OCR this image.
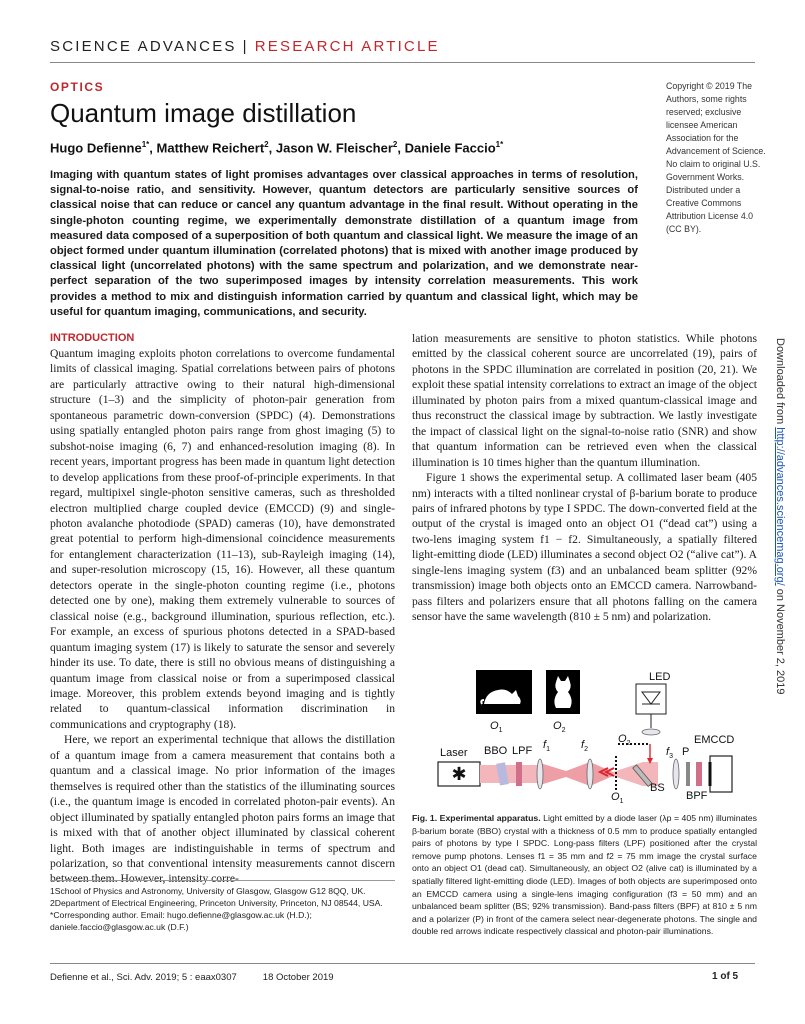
SCIENCE ADVANCES | RESEARCH ARTICLE
OPTICS
Quantum image distillation
Hugo Defienne$^{1*}$, Matthew Reichert$^2$, Jason W. Fleischer$^2$, Daniele Faccio$^{1*}$
Copyright © 2019 The Authors, some rights reserved; exclusive licensee American Association for the Advancement of Science. No claim to original U.S. Government Works. Distributed under a Creative Commons Attribution License 4.0 (CC BY).
Imaging with quantum states of light promises advantages over classical approaches in terms of resolution, signal-to-noise ratio, and sensitivity. However, quantum detectors are particularly sensitive sources of classical noise that can reduce or cancel any quantum advantage in the final result. Without operating in the single-photon counting regime, we experimentally demonstrate distillation of a quantum image from measured data composed of a superposition of both quantum and classical light. We measure the image of an object formed under quantum illumination (correlated photons) that is mixed with another image produced by classical light (uncorrelated photons) with the same spectrum and polarization, and we demonstrate near-perfect separation of the two superimposed images by intensity correlation measurements. This work provides a method to mix and distinguish information carried by quantum and classical light, which may be useful for quantum imaging, communications, and security.
Downloaded from http://advances.sciencemag.org/ on November 2, 2019
INTRODUCTION

Quantum imaging exploits photon correlations to overcome fundamental limits of classical imaging. Spatial correlations between pairs of photons are particularly attractive owing to their natural high-dimensional structure (1–3) and the simplicity of photon-pair generation from spontaneous parametric down-conversion (SPDC) (4). Demonstrations using spatially entangled photon pairs range from ghost imaging (5) to subshot-noise imaging (6, 7) and enhanced-resolution imaging (8). In recent years, important progress has been made in quantum light detection to develop applications from these proof-of-principle experiments. In that regard, multipixel single-photon sensitive cameras, such as thresholded electron multiplied charge coupled device (EMCCD) (9) and single-photon avalanche photodiode (SPAD) cameras (10), have demonstrated great potential to perform high-dimensional coincidence measurements for entanglement characterization (11–13), sub-Rayleigh imaging (14), and super-resolution microscopy (15, 16). However, all these quantum detectors operate in the single-photon counting regime (i.e., photons detected one by one), making them extremely vulnerable to sources of classical noise (e.g., background illumination, spurious reflection, etc.). For example, an excess of spurious photons detected in a SPAD-based quantum imaging system (17) is likely to saturate the sensor and severely hinder its use. To date, there is still no obvious means of distinguishing a quantum image from classical noise or from a superimposed classical image. Moreover, this problem extends beyond imaging and is tightly related to quantum-classical information discrimination in communications and cryptography (18).

Here, we report an experimental technique that allows the distillation of a quantum image from a camera measurement that contains both a quantum and a classical image. No prior information of the images themselves is required other than the statistics of the illuminating sources (i.e., the quantum image is encoded in correlated photon-pair events). An object illuminated by spatially entangled photon pairs forms an image that is mixed with that of another object illuminated by classical coherent light. Both images are indistinguishable in terms of spectrum and polarization, so that conventional intensity measurements cannot discern between them. However, intensity corre-

lation measurements are sensitive to photon statistics. While photons emitted by the classical coherent source are uncorrelated (19), pairs of photons in the SPDC illumination are correlated in position (20, 21). We exploit these spatial intensity correlations to extract an image of the object illuminated by photon pairs from a mixed quantum-classical image and thus reconstruct the classical image by subtraction. We lastly investigate the impact of classical light on the signal-to-noise ratio (SNR) and show that quantum information can be retrieved even when the classical illumination is 10 times higher than the quantum illumination.

Figure 1 shows the experimental setup. A collimated laser beam (405 nm) interacts with a tilted nonlinear crystal of β-barium borate to produce pairs of infrared photons by type I SPDC. The down-converted field at the output of the crystal is imaged onto an object O1 (“dead cat”) using a two-lens imaging system f1 − f2. Simultaneously, a spatially filtered light-emitting diode (LED) illuminates a second object O2 (“alive cat”). A single-lens imaging system (f3) and an unbalanced beam splitter (92% transmission) image both objects onto an EMCCD camera. Narrowband-pass filters and polarizers ensure that all photons falling on the camera sensor have the same wavelength (810 ± 5 nm) and polarization.

$O_1$	$O_2$
✱
LED
Laser BBO LPF $f_1$	$f_2$
$O_2$
$f_3$ P
EMCCD
BS
BPF
$O_1$
Fig. 1. Experimental apparatus. Light emitted by a diode laser (λp = 405 nm) illuminates β-barium borate (BBO) crystal with a thickness of 0.5 mm to produce spatially entangled pairs of photons by type I SPDC. Long-pass filters (LPF) positioned after the crystal remove pump photons. Lenses f1 = 35 mm and f2 = 75 mm image the crystal surface onto an object O1 (dead cat). Simultaneously, an object O2 (alive cat) is illuminated by a spatially filtered light-emitting diode (LED). Images of both objects are superimposed onto an EMCCD camera using a single-lens imaging configuration (f3 = 50 mm) and an unbalanced beam splitter (BS; 92% transmission). Band-pass filters (BPF) at 810 ± 5 nm and a polarizer (P) in front of the camera select near-degenerate photons. The single and double red arrows indicate respectively classical and photon-pair illuminations.
1School of Physics and Astronomy, University of Glasgow, Glasgow G12 8QQ, UK.
2Department of Electrical Engineering, Princeton University, Princeton, NJ 08544, USA.
*Corresponding author. Email: hugo.defienne@glasgow.ac.uk (H.D.); daniele.faccio@glasgow.ac.uk (D.F.)
Defienne et al., Sci. Adv. 2019; 5 : eaax0307	18 October 2019	1 of 5
